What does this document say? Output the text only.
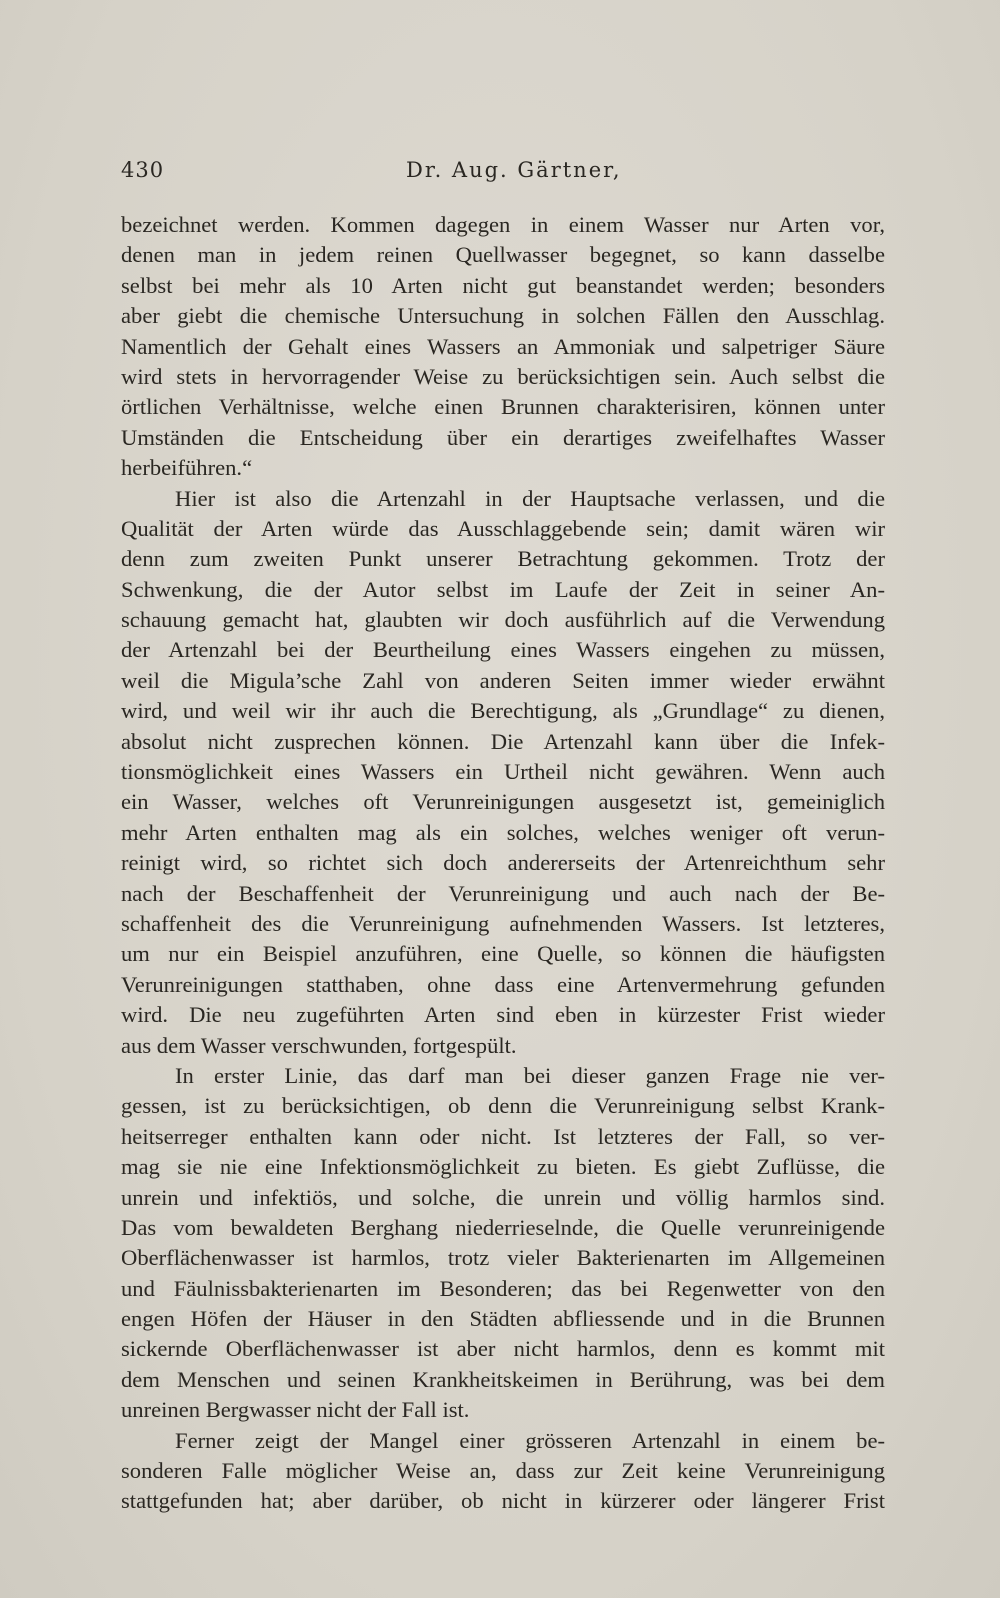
430	Dr. Aug. Gärtner,
bezeichnet werden. Kommen dagegen in einem Wasser nur Arten vor,
denen man in jedem reinen Quellwasser begegnet, so kann dasselbe
selbst bei mehr als 10 Arten nicht gut beanstandet werden; besonders
aber giebt die chemische Untersuchung in solchen Fällen den Ausschlag.
Namentlich der Gehalt eines Wassers an Ammoniak und salpetriger Säure
wird stets in hervorragender Weise zu berücksichtigen sein. Auch selbst die
örtlichen Verhältnisse, welche einen Brunnen charakterisiren, können unter
Umständen die Entscheidung über ein derartiges zweifelhaftes Wasser
herbeiführen.“
Hier ist also die Artenzahl in der Hauptsache verlassen, und die
Qualität der Arten würde das Ausschlaggebende sein; damit wären wir
denn zum zweiten Punkt unserer Betrachtung gekommen. Trotz der
Schwenkung, die der Autor selbst im Laufe der Zeit in seiner An-
schauung gemacht hat, glaubten wir doch ausführlich auf die Verwendung
der Artenzahl bei der Beurtheilung eines Wassers eingehen zu müssen,
weil die Migula’sche Zahl von anderen Seiten immer wieder erwähnt
wird, und weil wir ihr auch die Berechtigung, als „Grundlage“ zu dienen,
absolut nicht zusprechen können. Die Artenzahl kann über die Infek-
tionsmöglichkeit eines Wassers ein Urtheil nicht gewähren. Wenn auch
ein Wasser, welches oft Verunreinigungen ausgesetzt ist, gemeiniglich
mehr Arten enthalten mag als ein solches, welches weniger oft verun-
reinigt wird, so richtet sich doch andererseits der Artenreichthum sehr
nach der Beschaffenheit der Verunreinigung und auch nach der Be-
schaffenheit des die Verunreinigung aufnehmenden Wassers. Ist letzteres,
um nur ein Beispiel anzuführen, eine Quelle, so können die häufigsten
Verunreinigungen statthaben, ohne dass eine Artenvermehrung gefunden
wird. Die neu zugeführten Arten sind eben in kürzester Frist wieder
aus dem Wasser verschwunden, fortgespült.
In erster Linie, das darf man bei dieser ganzen Frage nie ver-
gessen, ist zu berücksichtigen, ob denn die Verunreinigung selbst Krank-
heitserreger enthalten kann oder nicht. Ist letzteres der Fall, so ver-
mag sie nie eine Infektionsmöglichkeit zu bieten. Es giebt Zuflüsse, die
unrein und infektiös, und solche, die unrein und völlig harmlos sind.
Das vom bewaldeten Berghang niederrieselnde, die Quelle verunreinigende
Oberflächenwasser ist harmlos, trotz vieler Bakterienarten im Allgemeinen
und Fäulnissbakterienarten im Besonderen; das bei Regenwetter von den
engen Höfen der Häuser in den Städten abfliessende und in die Brunnen
sickernde Oberflächenwasser ist aber nicht harmlos, denn es kommt mit
dem Menschen und seinen Krankheitskeimen in Berührung, was bei dem
unreinen Bergwasser nicht der Fall ist.
Ferner zeigt der Mangel einer grösseren Artenzahl in einem be-
sonderen Falle möglicher Weise an, dass zur Zeit keine Verunreinigung
stattgefunden hat; aber darüber, ob nicht in kürzerer oder längerer Frist
